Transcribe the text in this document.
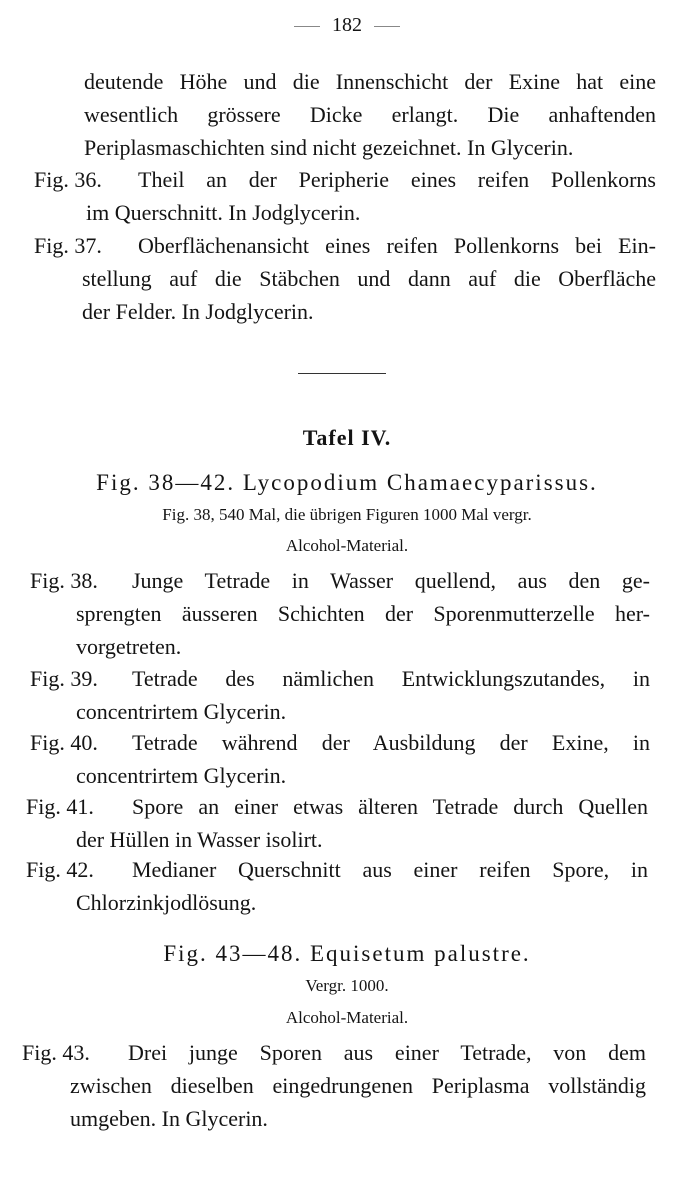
182
deutende Höhe und die Innenschicht der Exine hat eine
wesentlich grössere Dicke erlangt. Die anhaftenden
Periplasmaschichten sind nicht gezeichnet. In Glycerin.
Fig. 36. Theil an der Peripherie eines reifen Pollenkorns
im Querschnitt. In Jodglycerin.
Fig. 37. Oberflächenansicht eines reifen Pollenkorns bei Ein-
stellung auf die Stäbchen und dann auf die Oberfläche
der Felder. In Jodglycerin.
Tafel IV.
Fig. 38—42. Lycopodium Chamaecyparissus.
Fig. 38, 540 Mal, die übrigen Figuren 1000 Mal vergr.
Alcohol-Material.
Fig. 38. Junge Tetrade in Wasser quellend, aus den ge-
sprengten äusseren Schichten der Sporenmutterzelle her-
vorgetreten.
Fig. 39. Tetrade des nämlichen Entwicklungszutandes, in
concentrirtem Glycerin.
Fig. 40. Tetrade während der Ausbildung der Exine, in
concentrirtem Glycerin.
Fig. 41. Spore an einer etwas älteren Tetrade durch Quellen
der Hüllen in Wasser isolirt.
Fig. 42. Medianer Querschnitt aus einer reifen Spore, in
Chlorzinkjodlösung.
Fig. 43—48. Equisetum palustre.
Vergr. 1000.
Alcohol-Material.
Fig. 43. Drei junge Sporen aus einer Tetrade, von dem
zwischen dieselben eingedrungenen Periplasma vollständig
umgeben. In Glycerin.
